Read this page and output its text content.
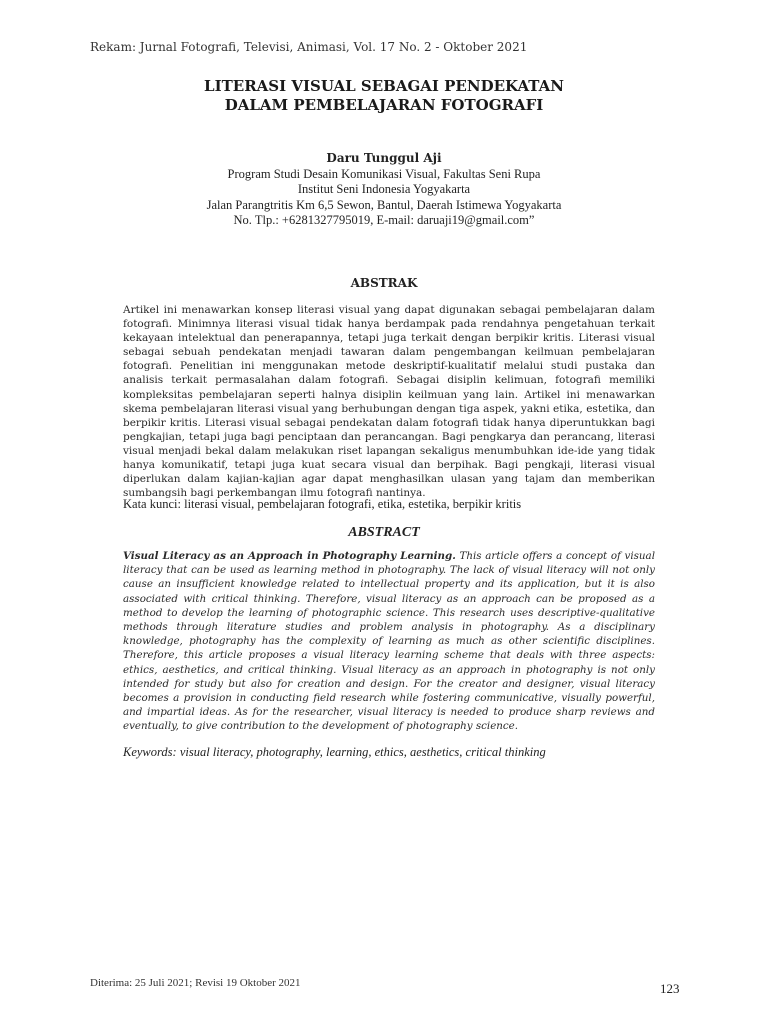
Rekam: Jurnal Fotografi, Televisi, Animasi, Vol. 17 No. 2 - Oktober 2021
LITERASI VISUAL SEBAGAI PENDEKATAN
DALAM PEMBELAJARAN FOTOGRAFI
Daru Tunggul Aji
Program Studi Desain Komunikasi Visual, Fakultas Seni Rupa
Institut Seni Indonesia Yogyakarta
Jalan Parangtritis Km 6,5 Sewon, Bantul, Daerah Istimewa Yogyakarta
No. Tlp.: +6281327795019, E-mail: daruaji19@gmail.com”
ABSTRAK
Artikel ini menawarkan konsep literasi visual yang dapat digunakan sebagai pembelajaran dalam fotografi. Minimnya literasi visual tidak hanya berdampak pada rendahnya pengetahuan terkait kekayaan intelektual dan penerapannya, tetapi juga terkait dengan berpikir kritis. Literasi visual sebagai sebuah pendekatan menjadi tawaran dalam pengembangan keilmuan pembelajaran fotografi. Penelitian ini menggunakan metode deskriptif-kualitatif melalui studi pustaka dan analisis terkait permasalahan dalam fotografi. Sebagai disiplin kelimuan, fotografi memiliki kompleksitas pembelajaran seperti halnya disiplin keilmuan yang lain. Artikel ini menawarkan skema pembelajaran literasi visual yang berhubungan dengan tiga aspek, yakni etika, estetika, dan berpikir kritis. Literasi visual sebagai pendekatan dalam fotografi tidak hanya diperuntukkan bagi pengkajian, tetapi juga bagi penciptaan dan perancangan. Bagi pengkarya dan perancang, literasi visual menjadi bekal dalam melakukan riset lapangan sekaligus menumbuhkan ide-ide yang tidak hanya komunikatif, tetapi juga kuat secara visual dan berpihak. Bagi pengkaji, literasi visual diperlukan dalam kajian-kajian agar dapat menghasilkan ulasan yang tajam dan memberikan sumbangsih bagi perkembangan ilmu fotografi nantinya.
Kata kunci: literasi visual, pembelajaran fotografi, etika, estetika, berpikir kritis
ABSTRACT
Visual Literacy as an Approach in Photography Learning. This article offers a concept of visual literacy that can be used as learning method in photography. The lack of visual literacy will not only cause an insufficient knowledge related to intellectual property and its application, but it is also associated with critical thinking. Therefore, visual literacy as an approach can be proposed as a method to develop the learning of photographic science. This research uses descriptive-qualitative methods through literature studies and problem analysis in photography. As a disciplinary knowledge, photography has the complexity of learning as much as other scientific disciplines. Therefore, this article proposes a visual literacy learning scheme that deals with three aspects: ethics, aesthetics, and critical thinking. Visual literacy as an approach in photography is not only intended for study but also for creation and design. For the creator and designer, visual literacy becomes a provision in conducting field research while fostering communicative, visually powerful, and impartial ideas. As for the researcher, visual literacy is needed to produce sharp reviews and eventually, to give contribution to the development of photography science.
Keywords: visual literacy, photography, learning, ethics, aesthetics, critical thinking
Diterima: 25 Juli 2021; Revisi 19 Oktober 2021	123
